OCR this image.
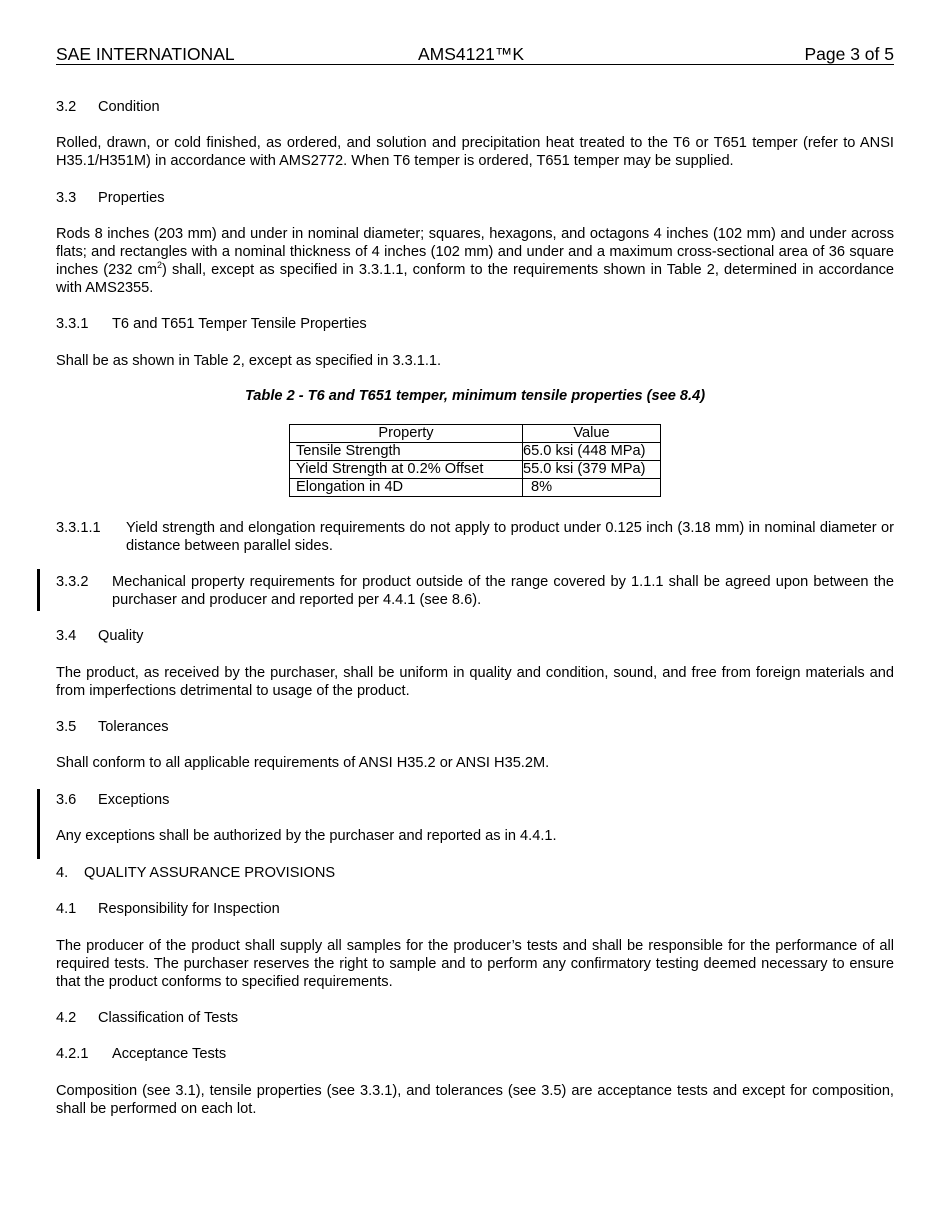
SAE INTERNATIONAL	AMS4121™K	Page 3 of 5
3.2 Condition
Rolled, drawn, or cold finished, as ordered, and solution and precipitation heat treated to the T6 or T651 temper (refer to ANSI H35.1/H351M) in accordance with AMS2772. When T6 temper is ordered, T651 temper may be supplied.
3.3 Properties
Rods 8 inches (203 mm) and under in nominal diameter; squares, hexagons, and octagons 4 inches (102 mm) and under across flats; and rectangles with a nominal thickness of 4 inches (102 mm) and under and a maximum cross-sectional area of 36 square inches (232 $cm^2$) shall, except as specified in 3.3.1.1, conform to the requirements shown in Table 2, determined in accordance with AMS2355.
3.3.1 T6 and T651 Temper Tensile Properties
Shall be as shown in Table 2, except as specified in 3.3.1.1.
Table 2 - T6 and T651 temper, minimum tensile properties (see 8.4)
Property	Value
Tensile Strength	65.0 ksi (448 MPa)
Yield Strength at 0.2% Offset	55.0 ksi (379 MPa)
Elongation in 4D	8%
3.3.1.1 Yield strength and elongation requirements do not apply to product under 0.125 inch (3.18 mm) in nominal diameter or distance between parallel sides.
3.3.2 Mechanical property requirements for product outside of the range covered by 1.1.1 shall be agreed upon between the purchaser and producer and reported per 4.4.1 (see 8.6).
3.4 Quality
The product, as received by the purchaser, shall be uniform in quality and condition, sound, and free from foreign materials and from imperfections detrimental to usage of the product.
3.5 Tolerances
Shall conform to all applicable requirements of ANSI H35.2 or ANSI H35.2M.
3.6 Exceptions
Any exceptions shall be authorized by the purchaser and reported as in 4.4.1.
4. QUALITY ASSURANCE PROVISIONS
4.1 Responsibility for Inspection
The producer of the product shall supply all samples for the producer’s tests and shall be responsible for the performance of all required tests. The purchaser reserves the right to sample and to perform any confirmatory testing deemed necessary to ensure that the product conforms to specified requirements.
4.2 Classification of Tests
4.2.1 Acceptance Tests
Composition (see 3.1), tensile properties (see 3.3.1), and tolerances (see 3.5) are acceptance tests and except for composition, shall be performed on each lot.
